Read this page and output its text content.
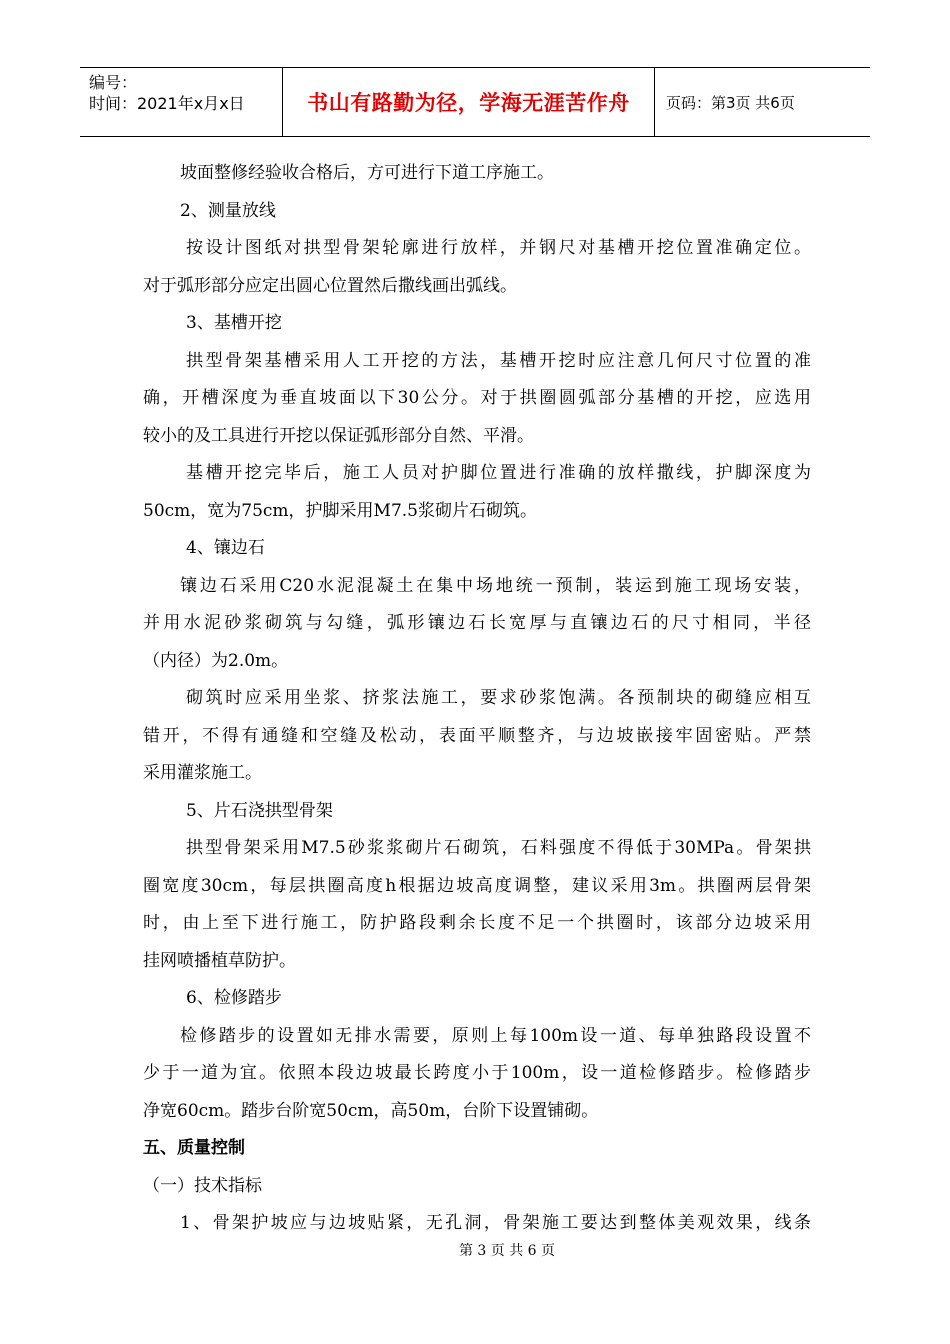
编号：
时间：2021年x月x日	书山有路勤为径，学海无涯苦作舟	页码：第3页 共6页
坡面整修经验收合格后，方可进行下道工序施工。
2、测量放线
按设计图纸对拱型骨架轮廓进行放样，并钢尺对基槽开挖位置准确定位。
对于弧形部分应定出圆心位置然后撒线画出弧线。
3、基槽开挖
拱型骨架基槽采用人工开挖的方法，基槽开挖时应注意几何尺寸位置的准
确，开槽深度为垂直坡面以下30公分。对于拱圈圆弧部分基槽的开挖，应选用
较小的及工具进行开挖以保证弧形部分自然、平滑。
基槽开挖完毕后，施工人员对护脚位置进行准确的放样撒线，护脚深度为
50cm，宽为75cm，护脚采用M7.5浆砌片石砌筑。
4、镶边石
镶边石采用C20水泥混凝土在集中场地统一预制，装运到施工现场安装，
并用水泥砂浆砌筑与勾缝，弧形镶边石长宽厚与直镶边石的尺寸相同，半径
（内径）为2.0m。
砌筑时应采用坐浆、挤浆法施工，要求砂浆饱满。各预制块的砌缝应相互
错开，不得有通缝和空缝及松动，表面平顺整齐，与边坡嵌接牢固密贴。严禁
采用灌浆施工。
5、片石浇拱型骨架
拱型骨架采用M7.5砂浆浆砌片石砌筑，石料强度不得低于30MPa。骨架拱
圈宽度30cm，每层拱圈高度h根据边坡高度调整，建议采用3m。拱圈两层骨架
时，由上至下进行施工，防护路段剩余长度不足一个拱圈时，该部分边坡采用
挂网喷播植草防护。
6、检修踏步
检修踏步的设置如无排水需要，原则上每100m设一道、每单独路段设置不
少于一道为宜。依照本段边坡最长跨度小于100m，设一道检修踏步。检修踏步
净宽60cm。踏步台阶宽50cm，高50m，台阶下设置铺砌。
五、质量控制
（一）技术指标
1、骨架护坡应与边坡贴紧，无孔洞，骨架施工要达到整体美观效果，线条
第 3 页 共 6 页
